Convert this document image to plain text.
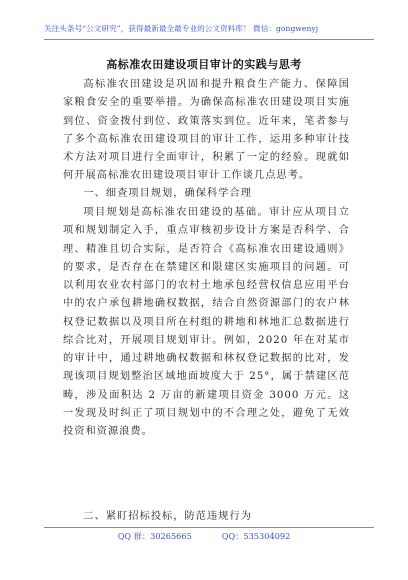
关注头条号“公文研究”，获得最新最全最专业的公文资料库！ 微信：gongwenyj
高标准农田建设项目审计的实践与思考

高标准农田建设是巩固和提升粮食生产能力、保障国家粮食安全的重要举措。为确保高标准农田建设项目实施到位、资金拨付到位、政策落实到位。近年来，笔者参与了多个高标准农田建设项目的审计工作，运用多种审计技术方法对项目进行全面审计，积累了一定的经验。现就如何开展高标准农田建设项目审计工作谈几点思考。

一、细查项目规划，确保科学合理

项目规划是高标准农田建设的基础。审计应从项目立项和规划制定入手，重点审核初步设计方案是否科学、合理、精准且切合实际，是否符合《高标准农田建设通则》的要求，是否存在在禁建区和限建区实施项目的问题。可以利用农业农村部门的农村土地承包经营权信息应用平台中的农户承包耕地确权数据，结合自然资源部门的农户林权登记数据以及项目所在村组的耕地和林地汇总数据进行综合比对，开展项目规划审计。例如，2020 年在对某市的审计中，通过耕地确权数据和林权登记数据的比对，发现该项目规划整治区域地面坡度大于 25°，属于禁建区范畴，涉及面积达 2 万亩的新建项目资金 3000 万元。这一发现及时纠正了项目规划中的不合理之处，避免了无效投资和资源浪费。

二、紧盯招标投标，防范违规行为

QQ 群：30265665	QQ：535304092
